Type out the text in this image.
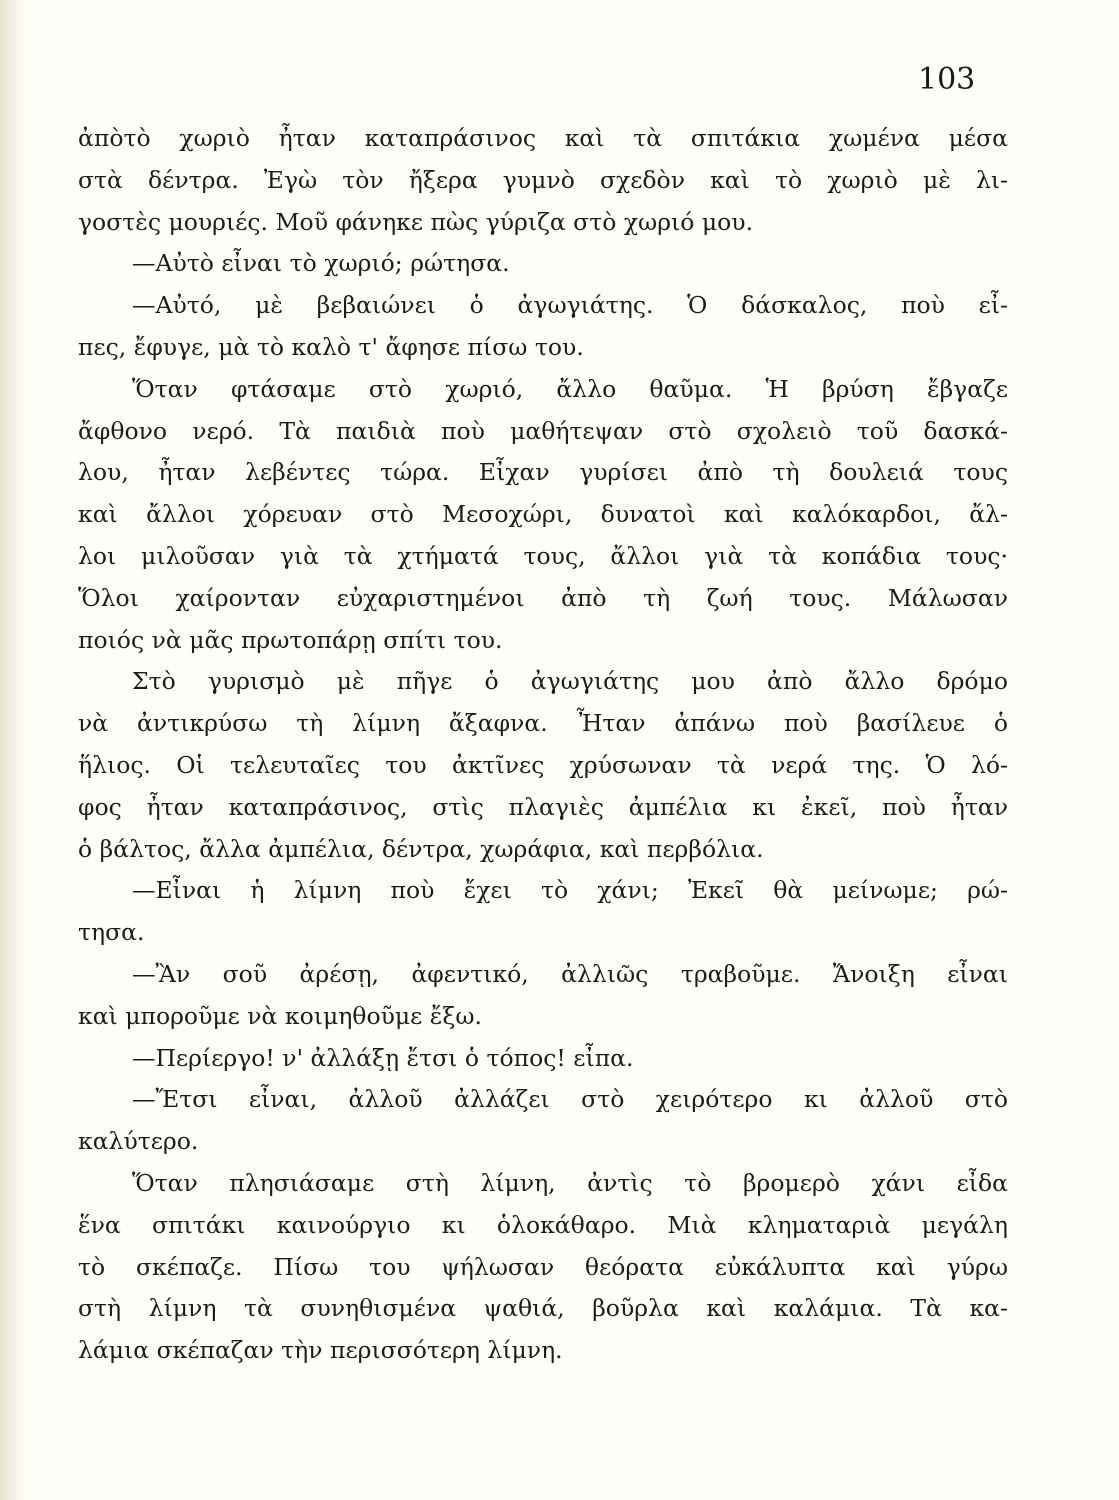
103

ἀπὸτὸ χωριὸ ἦταν καταπράσινος καὶ τὰ σπιτάκια χωμένα μέσα
στὰ δέντρα. Ἐγὼ τὸν ἤξερα γυμνὸ σχεδὸν καὶ τὸ χωριὸ μὲ λι-
γοστὲς μουριές. Μοῦ φάνηκε πὼς γύριζα στὸ χωριό μου.
—Αὐτὸ εἶναι τὸ χωριό; ρώτησα.
—Αὐτό, μὲ βεβαιώνει ὁ ἀγωγιάτης. Ὁ δάσκαλος, ποὺ εἶ-
πες, ἔφυγε, μὰ τὸ καλὸ τ' ἄφησε πίσω του.
Ὅταν φτάσαμε στὸ χωριό, ἄλλο θαῦμα. Ἡ βρύση ἔβγαζε
ἄφθονο νερό. Τὰ παιδιὰ ποὺ μαθήτεψαν στὸ σχολειὸ τοῦ δασκά-
λου, ἦταν λεβέντες τώρα. Εἶχαν γυρίσει ἀπὸ τὴ δουλειά τους
καὶ ἄλλοι χόρευαν στὸ Μεσοχώρι, δυνατοὶ καὶ καλόκαρδοι, ἄλ-
λοι μιλοῦσαν γιὰ τὰ χτήματά τους, ἄλλοι γιὰ τὰ κοπάδια τους·
Ὅλοι χαίρονταν εὐχαριστημένοι ἀπὸ τὴ ζωή τους. Μάλωσαν
ποιός νὰ μᾶς πρωτοπάρῃ σπίτι του.
Στὸ γυρισμὸ μὲ πῆγε ὁ ἀγωγιάτης μου ἀπὸ ἄλλο δρόμο
νὰ ἀντικρύσω τὴ λίμνη ἄξαφνα. Ἦταν ἀπάνω ποὺ βασίλευε ὁ
ἥλιος. Οἱ τελευταῖες του ἀκτῖνες χρύσωναν τὰ νερά της. Ὁ λό-
φος ἦταν καταπράσινος, στὶς πλαγιὲς ἀμπέλια κι ἐκεῖ, ποὺ ἦταν
ὁ βάλτος, ἄλλα ἀμπέλια, δέντρα, χωράφια, καὶ περβόλια.
—Εἶναι ἡ λίμνη ποὺ ἔχει τὸ χάνι; Ἐκεῖ θὰ μείνωμε; ρώ-
τησα.
—Ἂν σοῦ ἀρέσῃ, ἀφεντικό, ἀλλιῶς τραβοῦμε. Ἄνοιξη εἶναι
καὶ μποροῦμε νὰ κοιμηθοῦμε ἔξω.
—Περίεργο! ν' ἀλλάξῃ ἔτσι ὁ τόπος! εἶπα.
—Ἔτσι εἶναι, ἀλλοῦ ἀλλάζει στὸ χειρότερο κι ἀλλοῦ στὸ
καλύτερο.
Ὅταν πλησιάσαμε στὴ λίμνη, ἀντὶς τὸ βρομερὸ χάνι εἶδα
ἕνα σπιτάκι καινούργιο κι ὁλοκάθαρο. Μιὰ κληματαριὰ μεγάλη
τὸ σκέπαζε. Πίσω του ψήλωσαν θεόρατα εὐκάλυπτα καὶ γύρω
στὴ λίμνη τὰ συνηθισμένα ψαθιά, βοῦρλα καὶ καλάμια. Τὰ κα-
λάμια σκέπαζαν τὴν περισσότερη λίμνη.
